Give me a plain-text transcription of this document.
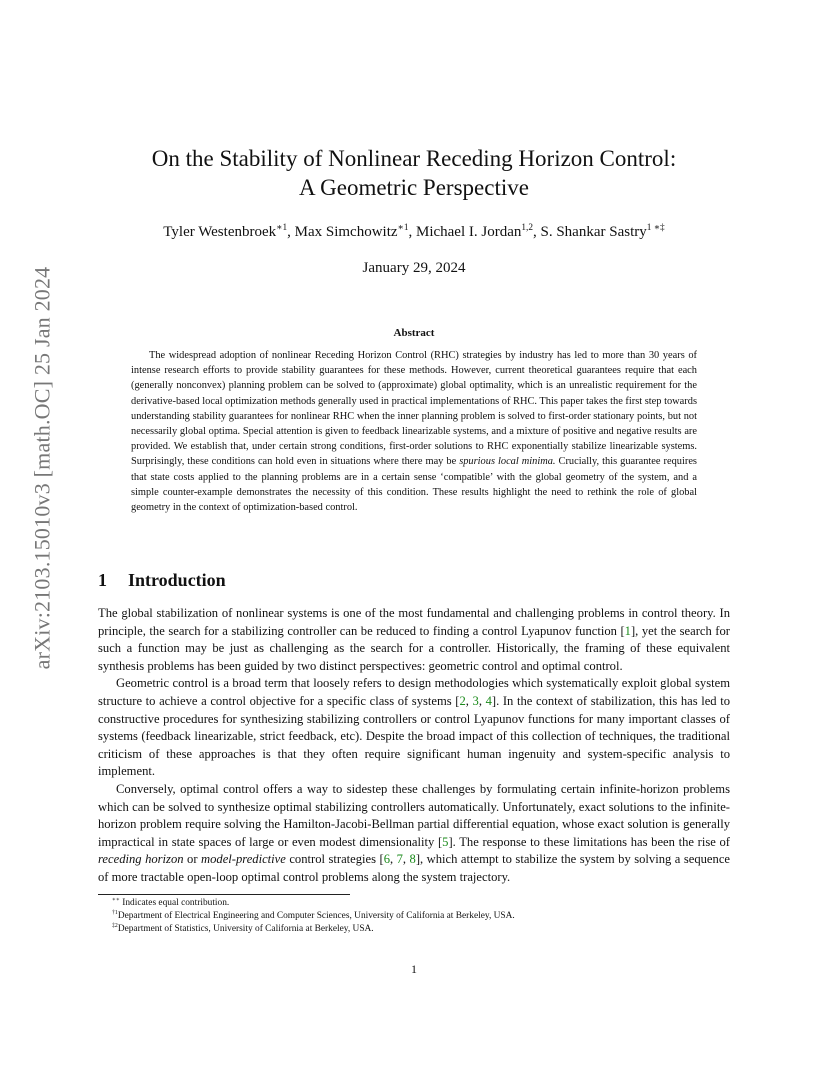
arXiv:2103.15010v3 [math.OC] 25 Jan 2024
On the Stability of Nonlinear Receding Horizon Control:
A Geometric Perspective
Tyler Westenbroek$^{∗1}$, Max Simchowitz$^{∗1}$, Michael I. Jordan$^{1,2}$, S. Shankar Sastry$^{1 ∗\ddagger}$
January 29, 2024
Abstract

The widespread adoption of nonlinear Receding Horizon Control (RHC) strategies by industry has led to more than 30 years of intense research efforts to provide stability guarantees for these methods. However, current theoretical guarantees require that each (generally nonconvex) planning problem can be solved to (approximate) global optimality, which is an unrealistic requirement for the derivative-based local optimization methods generally used in practical implementations of RHC. This paper takes the first step towards understanding stability guarantees for nonlinear RHC when the inner planning problem is solved to first-order stationary points, but not necessarily global optima. Special attention is given to feedback linearizable systems, and a mixture of positive and negative results are provided. We establish that, under certain strong conditions, first-order solutions to RHC exponentially stabilize linearizable systems. Surprisingly, these conditions can hold even in situations where there may be spurious local minima. Crucially, this guarantee requires that state costs applied to the planning problems are in a certain sense ‘compatible’ with the global geometry of the system, and a simple counter-example demonstrates the necessity of this condition. These results highlight the need to rethink the role of global geometry in the context of optimization-based control.

1 Introduction

The global stabilization of nonlinear systems is one of the most fundamental and challenging problems in control theory. In principle, the search for a stabilizing controller can be reduced to finding a control Lyapunov function [1], yet the search for such a function may be just as challenging as the search for a controller. Historically, the framing of these equivalent synthesis problems has been guided by two distinct perspectives: geometric control and optimal control.

Geometric control is a broad term that loosely refers to design methodologies which systematically exploit global system structure to achieve a control objective for a specific class of systems [2, 3, 4]. In the context of stabilization, this has led to constructive procedures for synthesizing stabilizing controllers or control Lyapunov functions for many important classes of systems (feedback linearizable, strict feedback, etc). Despite the broad impact of this collection of techniques, the traditional criticism of these approaches is that they often require significant human ingenuity and system-specific analysis to implement.

Conversely, optimal control offers a way to sidestep these challenges by formulating certain infinite-horizon problems which can be solved to synthesize optimal stabilizing controllers automatically. Unfortunately, exact solutions to the infinite-horizon problem require solving the Hamilton-Jacobi-Bellman partial differential equation, whose exact solution is generally impractical in state spaces of large or even modest dimensionality [5]. The response to these limitations has been the rise of receding horizon or model-predictive control strategies [6, 7, 8], which attempt to stabilize the system by solving a sequence of more tractable open-loop optimal control problems along the system trajectory.

∗∗ Indicates equal contribution.
$^{\dagger 1}$Department of Electrical Engineering and Computer Sciences, University of California at Berkeley, USA.
$^{\ddagger 2}$Department of Statistics, University of California at Berkeley, USA.
1
